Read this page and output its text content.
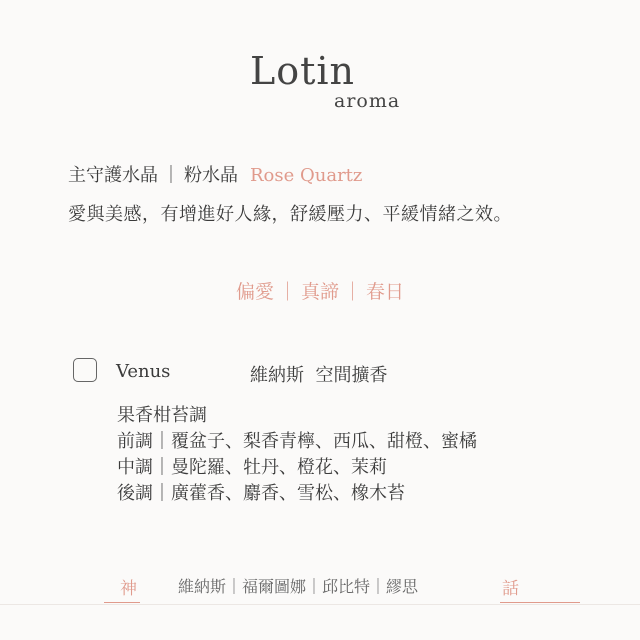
Lotin
aroma
主守護水晶 ｜ 粉水晶 Rose Quartz
愛與美感，有增進好人緣，舒緩壓力、平緩情緒之效。
偏愛 ｜ 真諦 ｜ 春日
Venus	維納斯  空間擴香
果香柑苔調
前調｜覆盆子、梨香青檸、西瓜、甜橙、蜜橘
中調｜曼陀羅、牡丹、橙花、茉莉
後調｜廣藿香、麝香、雪松、橡木苔
神	維納斯｜福爾圖娜｜邱比特｜繆思	話
